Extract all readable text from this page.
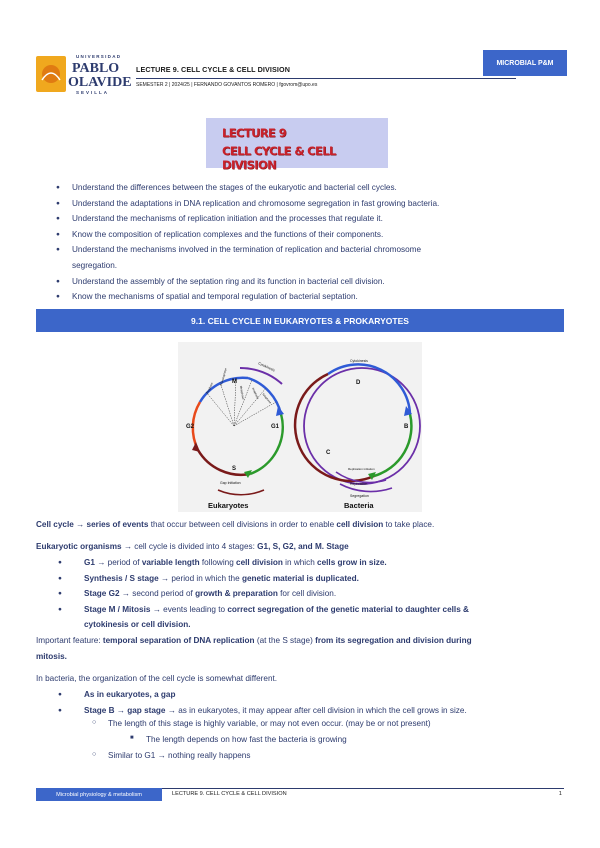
UNIVERSIDAD
PABLO
OLAVIDE
SEVILLA
LECTURE 9. CELL CYCLE & CELL DIVISION
SEMESTER 2 | 2024/25 | FERNANDO GOVANTOS ROMERO | fgovrom@upo.es
MICROBIAL P&M
LECTURE 9
CELL CYCLE & CELL DIVISION
● Understand the differences between the stages of the eukaryotic and bacterial cell cycles.
● Understand the adaptations in DNA replication and chromosome segregation in fast growing bacteria.
● Understand the mechanisms of replication initiation and the processes that regulate it.
● Know the composition of replication complexes and the functions of their components.
● Understand the mechanisms involved in the termination of replication and bacterial chromosome
segregation.
● Understand the assembly of the septation ring and its function in bacterial cell division.
● Know the mechanisms of spatial and temporal regulation of bacterial septation.
9.1. CELL CYCLE IN EUKARYOTES & PROKARYOTES
M
G1
G2
S
Cytokinesis
Gap Initiation
Prophase
Prometaphase
Metaphase Anaphase Telophase
Eukaryotes
D
B
C
Cytokinesis
Replication
Segregation
Replication initiation
Bacteria
Cell cycle → series of events that occur between cell divisions in order to enable cell division to take place.
Eukaryotic organisms → cell cycle is divided into 4 stages: G1, S, G2, and M. Stage
● G1 → period of variable length following cell division in which cells grow in size.
● Synthesis / S stage → period in which the genetic material is duplicated.
● Stage G2 → second period of growth & preparation for cell division.
● Stage M / Mitosis → events leading to correct segregation of the genetic material to daughter cells &
cytokinesis or cell division.
Important feature: temporal separation of DNA replication (at the S stage) from its segregation and division during
mitosis.
In bacteria, the organization of the cell cycle is somewhat different.
● As in eukaryotes, a gap
● Stage B → gap stage → as in eukaryotes, it may appear after cell division in which the cell grows in size.
○ The length of this stage is highly variable, or may not even occur. (may be or not present)
■ The length depends on how fast the bacteria is growing
○ Similar to G1 → nothing really happens
Microbial physiology & metabolism	LECTURE 9. CELL CYCLE & CELL DIVISION	1
